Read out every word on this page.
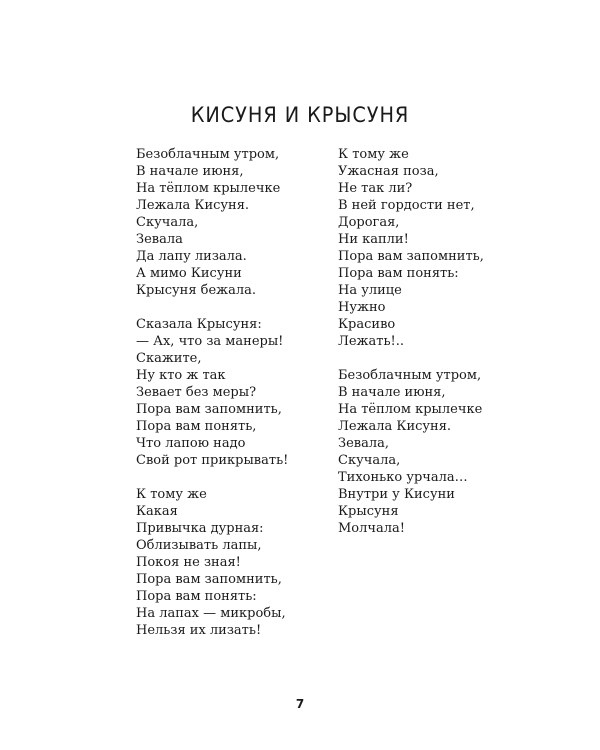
КИСУНЯ И КРЫСУНЯ
Безоблачным утром,
В начале июня,
На тёплом крылечке
Лежала Кисуня.
Скучала,
Зевала
Да лапу лизала.
А мимо Кисуни
Крысуня бежала.
Сказала Крысуня:
— Ах, что за манеры!
Скажите,
Ну кто ж так
Зевает без меры?
Пора вам запомнить,
Пора вам понять,
Что лапою надо
Свой рот прикрывать!
К тому же
Какая
Привычка дурная:
Облизывать лапы,
Покоя не зная!
Пора вам запомнить,
Пора вам понять:
На лапах — микробы,
Нельзя их лизать!
К тому же
Ужасная поза,
Не так ли?
В ней гордости нет,
Дорогая,
Ни капли!
Пора вам запомнить,
Пора вам понять:
На улице
Нужно
Красиво
Лежать!..
Безоблачным утром,
В начале июня,
На тёплом крылечке
Лежала Кисуня.
Зевала,
Скучала,
Тихонько урчала…
Внутри у Кисуни
Крысуня
Молчала!
7
